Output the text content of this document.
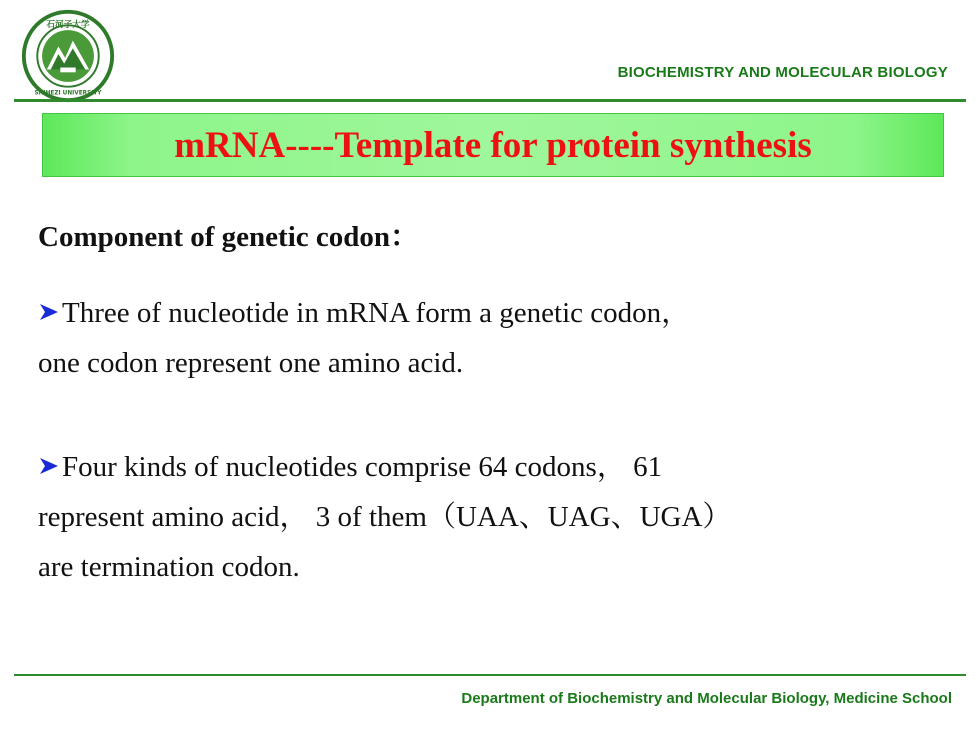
石河子大学
SHIHEZI UNIVERSITY
BIOCHEMISTRY AND MOLECULAR BIOLOGY
mRNA----Template for protein synthesis
Component of genetic codon：
Three of nucleotide in mRNA form a genetic codon，
one codon represent one amino acid.
Four kinds of nucleotides comprise 64 codons， 61
represent amino acid， 3 of them（UAA、UAG、UGA）
are termination codon.
Department of Biochemistry and Molecular Biology, Medicine School
